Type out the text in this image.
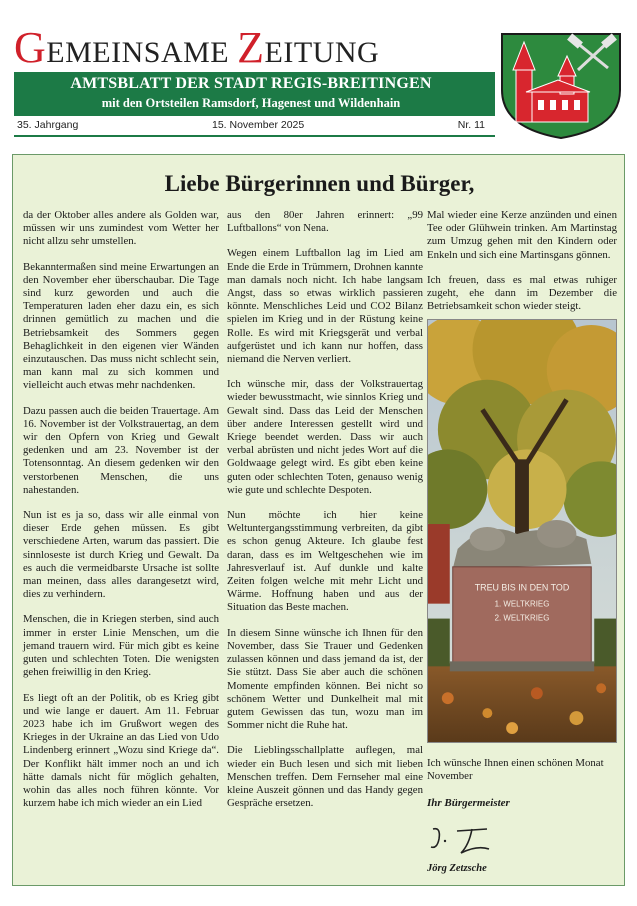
GEMEINSAME ZEITUNG
AMTSBLATT DER STADT REGIS-BREITINGEN
mit den Ortsteilen Ramsdorf, Hagenest und Wildenhain
35. Jahrgang	15. November 2025	Nr. 11
Liebe Bürgerinnen und Bürger,

da der Oktober alles andere als Golden war, müssen wir uns zumindest vom Wetter her nicht allzu sehr umstellen.

Bekanntermaßen sind meine Erwartungen an den November eher überschaubar. Die Tage sind kurz geworden und auch die Temperaturen laden eher dazu ein, es sich drinnen gemütlich zu machen und die Betriebsamkeit des Sommers gegen Behaglichkeit in den eigenen vier Wänden einzutauschen. Das muss nicht schlecht sein, man kann mal zu sich kommen und vielleicht auch etwas mehr nachdenken.

Dazu passen auch die beiden Trauertage. Am 16. November ist der Volkstrauertag, an dem wir den Opfern von Krieg und Gewalt gedenken und am 23. November ist der Totensonntag. An diesem gedenken wir den verstorbenen Menschen, die uns nahestanden.

Nun ist es ja so, dass wir alle einmal von dieser Erde gehen müssen. Es gibt verschiedene Arten, warum das passiert. Die sinnloseste ist durch Krieg und Gewalt. Da es auch die vermeidbarste Ursache ist sollte man meinen, dass alles darangesetzt wird, dies zu verhindern.

Menschen, die in Kriegen sterben, sind auch immer in erster Linie Menschen, um die jemand trauern wird. Für mich gibt es keine guten und schlechten Toten. Die wenigsten gehen freiwillig in den Krieg.

Es liegt oft an der Politik, ob es Krieg gibt und wie lange er dauert. Am 11. Februar 2023 habe ich im Grußwort wegen des Krieges in der Ukraine an das Lied von Udo Lindenberg erinnert „Wozu sind Kriege da“. Der Konflikt hält immer noch an und ich hätte damals nicht für möglich gehalten, wohin das alles noch führen könnte. Vor kurzem habe ich mich wieder an ein Lied

aus den 80er Jahren erinnert: „99 Luftballons“ von Nena.

Wegen einem Luftballon lag im Lied am Ende die Erde in Trümmern, Drohnen kannte man damals noch nicht. Ich habe langsam Angst, dass so etwas wirklich passieren könnte. Menschliches Leid und CO2 Bilanz spielen im Krieg und in der Rüstung keine Rolle. Es wird mit Kriegsgerät und verbal aufgerüstet und ich kann nur hoffen, dass niemand die Nerven verliert.

Ich wünsche mir, dass der Volkstrauertag wieder bewusstmacht, wie sinnlos Krieg und Gewalt sind. Dass das Leid der Menschen über andere Interessen gestellt wird und Kriege beendet werden. Dass wir auch verbal abrüsten und nicht jedes Wort auf die Goldwaage gelegt wird. Es gibt eben keine guten oder schlechten Toten, genauso wenig wie gute und schlechte Despoten.

Nun möchte ich hier keine Weltuntergangsstimmung verbreiten, da gibt es schon genug Akteure. Ich glaube fest daran, dass es im Weltgeschehen wie im Jahresverlauf ist. Auf dunkle und kalte Zeiten folgen welche mit mehr Licht und Wärme. Hoffnung haben und aus der Situation das Beste machen.

In diesem Sinne wünsche ich Ihnen für den November, dass Sie Trauer und Gedenken zulassen können und dass jemand da ist, der Sie stützt. Dass Sie aber auch die schönen Momente empfinden können. Bei nicht so schönem Wetter und Dunkelheit mal mit gutem Gewissen das tun, wozu man im Sommer nicht die Ruhe hat.

Die Lieblingsschallplatte auflegen, mal wieder ein Buch lesen und sich mit lieben Menschen treffen. Dem Fernseher mal eine kleine Auszeit gönnen und das Handy gegen Gespräche ersetzen.

Mal wieder eine Kerze anzünden und einen Tee oder Glühwein trinken. Am Martinstag zum Umzug gehen mit den Kindern oder Enkeln und sich eine Martinsgans gönnen.

Ich freuen, dass es mal etwas ruhiger zugeht, ehe dann im Dezember die Betriebsamkeit schon wieder steigt.

TREU BIS IN DEN TOD
1. WELTKRIEG
2. WELTKRIEG
Ich wünsche Ihnen einen schönen Monat November
Ihr Bürgermeister
Jörg Zetzsche
